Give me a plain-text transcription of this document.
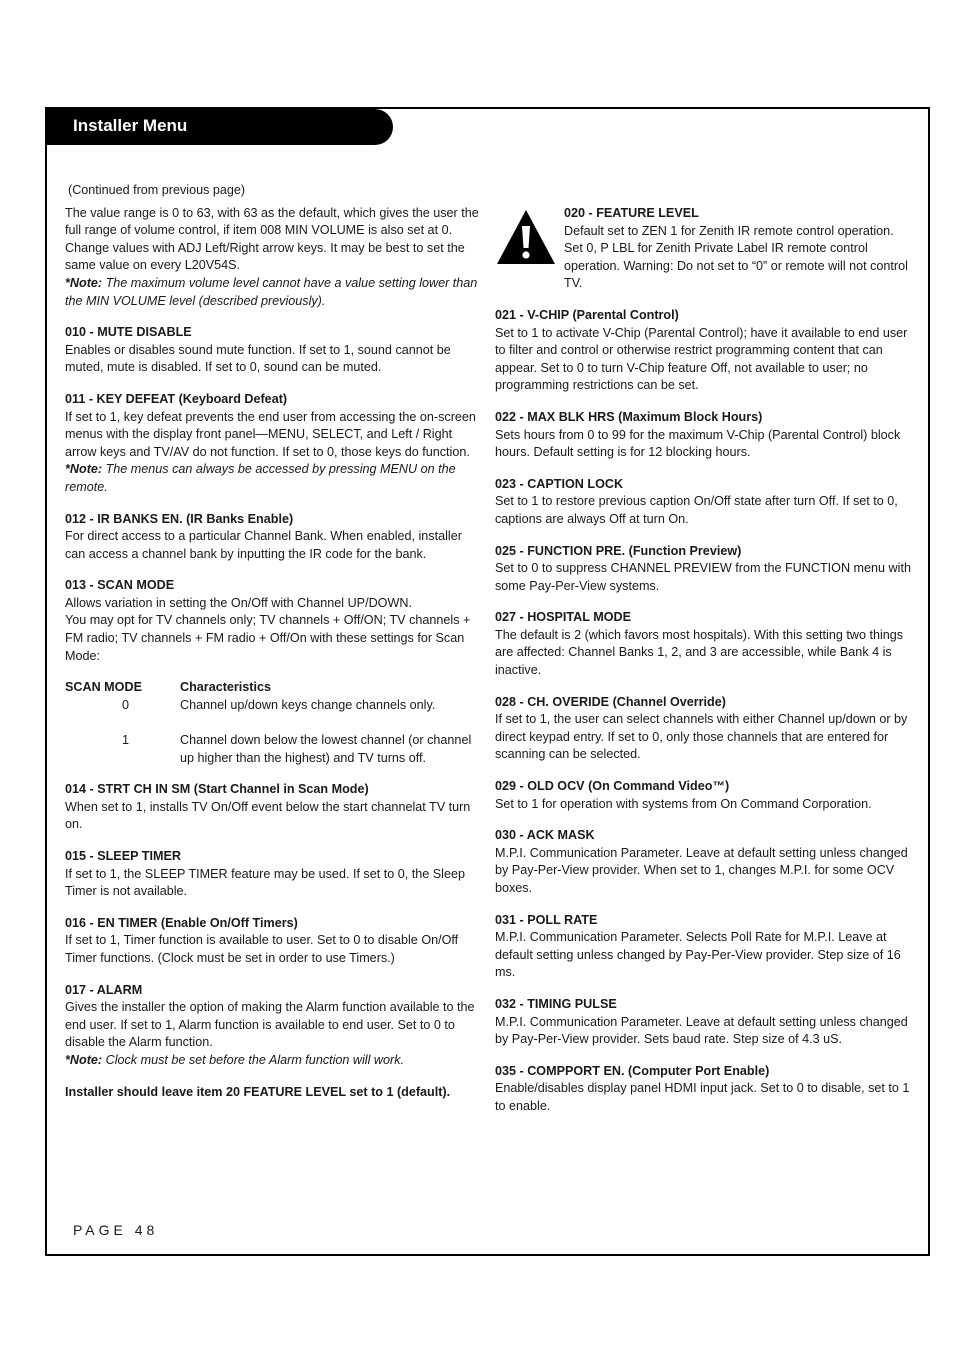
Installer Menu

(Continued from previous page)

The value range is 0 to 63, with 63 as the default, which gives the user the full range of volume control, if item 008 MIN VOLUME is also set at 0. Change values with ADJ Left/Right arrow keys. It may be best to set the same value on every L20V54S.

*Note: The maximum volume level cannot have a value setting lower than the MIN VOLUME level (described previously).

010 - MUTE DISABLE

Enables or disables sound mute function. If set to 1, sound cannot be muted, mute is disabled. If set to 0, sound can be muted.

011 - KEY DEFEAT (Keyboard Defeat)

If set to 1, key defeat prevents the end user from accessing the on-screen menus with the display front panel—MENU, SELECT, and Left / Right arrow keys and TV/AV do not function. If set to 0, those keys do function.

*Note: The menus can always be accessed by pressing MENU on the remote.

012 - IR BANKS EN. (IR Banks Enable)

For direct access to a particular Channel Bank. When enabled, installer can access a channel bank by inputting the IR code for the bank.

013 - SCAN MODE

Allows variation in setting the On/Off with Channel UP/DOWN.

You may opt for TV channels only; TV channels + Off/ON; TV channels + FM radio; TV channels + FM radio + Off/On with these settings for Scan Mode:

SCAN MODE	Characteristics
0	Channel up/down keys change channels only.
1	Channel down below the lowest channel (or channel up higher than the highest) and TV turns off.

014 - STRT CH IN SM (Start Channel in Scan Mode)

When set to 1, installs TV On/Off event below the start channelat TV turn on.

015 - SLEEP TIMER

If set to 1, the SLEEP TIMER feature may be used. If set to 0, the Sleep Timer is not available.

016 - EN TIMER (Enable On/Off Timers)

If set to 1, Timer function is available to user. Set to 0 to disable On/Off Timer functions. (Clock must be set in order to use Timers.)

017 - ALARM

Gives the installer the option of making the Alarm function available to the end user. If set to 1, Alarm function is available to end user. Set to 0 to disable the Alarm function.

*Note: Clock must be set before the Alarm function will work.

Installer should leave item 20 FEATURE LEVEL set to 1 (default).

020 - FEATURE LEVEL

Default set to ZEN 1 for Zenith IR remote control operation. Set 0, P LBL for Zenith Private Label IR remote control operation. Warning: Do not set to “0” or remote will not control TV.

021 - V-CHIP (Parental Control)

Set to 1 to activate V-Chip (Parental Control); have it available to end user to filter and control or otherwise restrict programming content that can appear. Set to 0 to turn V-Chip feature Off, not available to user; no programming restrictions can be set.

022 - MAX BLK HRS (Maximum Block Hours)

Sets hours from 0 to 99 for the maximum V-Chip (Parental Control) block hours. Default setting is for 12 blocking hours.

023 - CAPTION LOCK

Set to 1 to restore previous caption On/Off state after turn Off. If set to 0, captions are always Off at turn On.

025 - FUNCTION PRE. (Function Preview)

Set to 0 to suppress CHANNEL PREVIEW from the FUNCTION menu with some Pay-Per-View systems.

027 - HOSPITAL MODE

The default is 2 (which favors most hospitals). With this setting two things are affected: Channel Banks 1, 2, and 3 are accessible, while Bank 4 is inactive.

028 - CH. OVERIDE (Channel Override)

If set to 1, the user can select channels with either Channel up/down or by direct keypad entry. If set to 0, only those channels that are entered for scanning can be selected.

029 - OLD OCV (On Command Video™)

Set to 1 for operation with systems from On Command Corporation.

030 - ACK MASK

M.P.I. Communication Parameter. Leave at default setting unless changed by Pay-Per-View provider. When set to 1, changes M.P.I. for some OCV boxes.

031 - POLL RATE

M.P.I. Communication Parameter. Selects Poll Rate for M.P.I. Leave at default setting unless changed by Pay-Per-View provider. Step size of 16 ms.

032 - TIMING PULSE

M.P.I. Communication Parameter. Leave at default setting unless changed by Pay-Per-View provider. Sets baud rate. Step size of 4.3 uS.

035 - COMPPORT EN. (Computer Port Enable)

Enable/disables display panel HDMI input jack. Set to 0 to disable, set to 1 to enable.

PAGE 48
